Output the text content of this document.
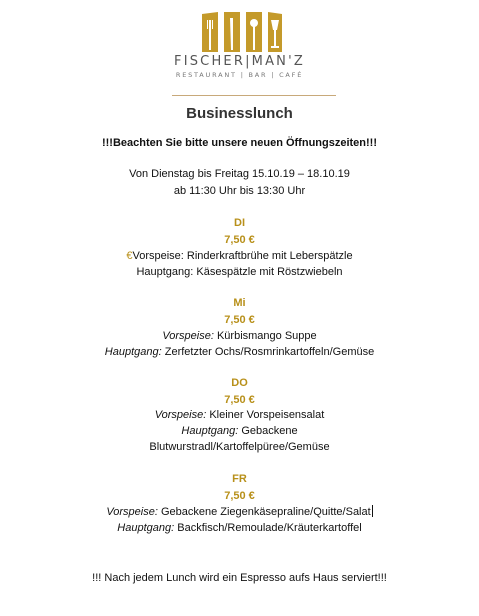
FISCHER|MAN'Z
RESTAURANT | BAR | CAFÉ
Businesslunch
!!!Beachten Sie bitte unsere neuen Öffnungszeiten!!!
Von Dienstag bis Freitag 15.10.19 – 18.10.19
ab 11:30 Uhr bis 13:30 Uhr
DI
7,50 €
€Vorspeise: Rinderkraftbrühe mit Leberspätzle
Hauptgang: Käsespätzle mit Röstzwiebeln
Mi
7,50 €
Vorspeise: Kürbismango Suppe
Hauptgang: Zerfetzter Ochs/Rosmrinkartoffeln/Gemüse
DO
7,50 €
Vorspeise: Kleiner Vorspeisensalat
Hauptgang: Gebackene
Blutwurstradl/Kartoffelpüree/Gemüse
FR
7,50 €
Vorspeise: Gebackene Ziegenkäsepraline/Quitte/Salat
Hauptgang: Backfisch/Remoulade/Kräuterkartoffel
!!! Nach jedem Lunch wird ein Espresso aufs Haus serviert!!!
